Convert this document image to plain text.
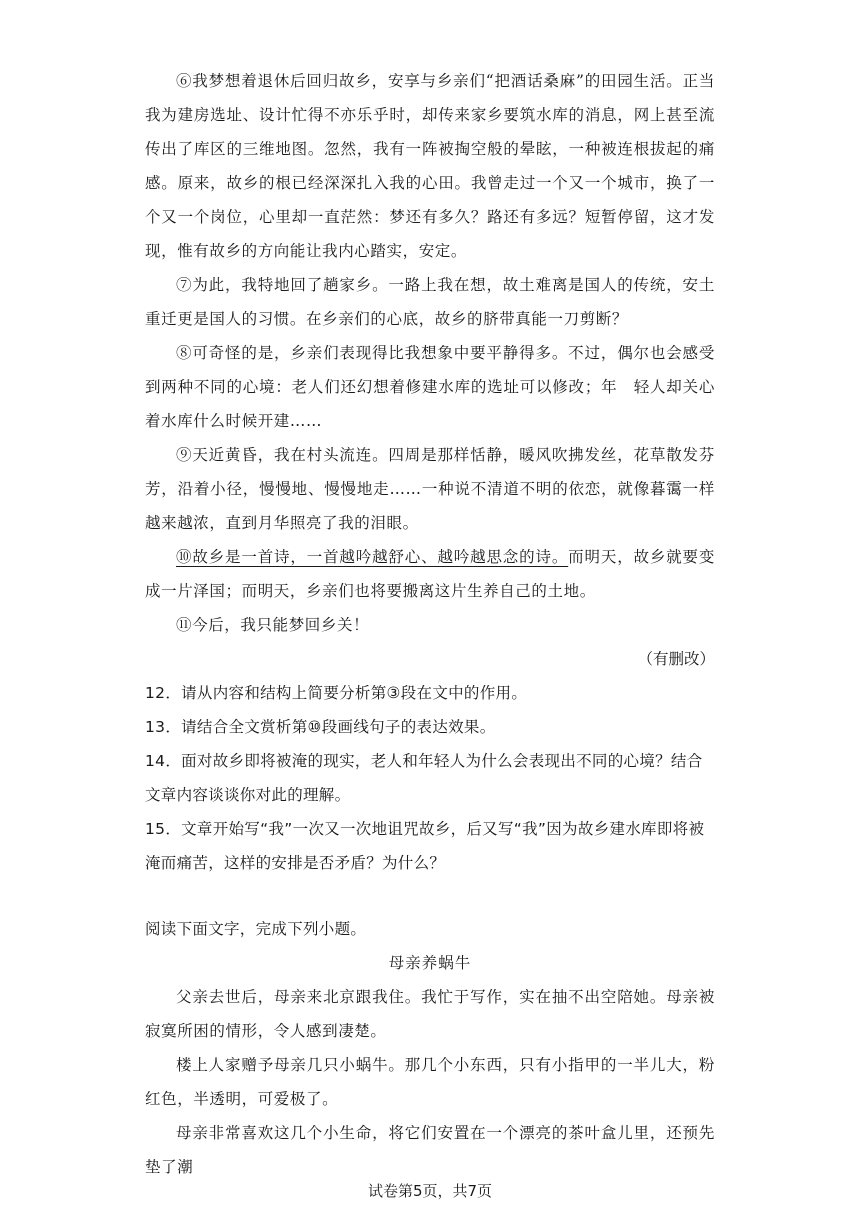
⑥我梦想着退休后回归故乡，安享与乡亲们“把酒话桑麻”的田园生活。正当我为建房选址、设计忙得不亦乐乎时，却传来家乡要筑水库的消息，网上甚至流传出了库区的三维地图。忽然，我有一阵被掏空般的晕眩，一种被连根拔起的痛感。原来，故乡的根已经深深扎入我的心田。我曾走过一个又一个城市，换了一个又一个岗位，心里却一直茫然：梦还有多久？路还有多远？短暂停留，这才发现，惟有故乡的方向能让我内心踏实，安定。
⑦为此，我特地回了趟家乡。一路上我在想，故土难离是国人的传统，安土重迁更是国人的习惯。在乡亲们的心底，故乡的脐带真能一刀剪断？
⑧可奇怪的是，乡亲们表现得比我想象中要平静得多。不过，偶尔也会感受到两种不同的心境：老人们还幻想着修建水库的选址可以修改；年　轻人却关心着水库什么时候开建……
⑨天近黄昏，我在村头流连。四周是那样恬静，暖风吹拂发丝，花草散发芬芳，沿着小径，慢慢地、慢慢地走……一种说不清道不明的依恋，就像暮霭一样越来越浓，直到月华照亮了我的泪眼。
⑩故乡是一首诗，一首越吟越舒心、越吟越思念的诗。而明天，故乡就要变成一片泽国；而明天，乡亲们也将要搬离这片生养自己的土地。
⑪今后，我只能梦回乡关！
（有删改）
12．请从内容和结构上简要分析第③段在文中的作用。
13．请结合全文赏析第⑩段画线句子的表达效果。
14．面对故乡即将被淹的现实，老人和年轻人为什么会表现出不同的心境？结合文章内容谈谈你对此的理解。
15．文章开始写“我”一次又一次地诅咒故乡，后又写“我”因为故乡建水库即将被淹而痛苦，这样的安排是否矛盾？为什么？
阅读下面文字，完成下列小题。
母亲养蜗牛
父亲去世后，母亲来北京跟我住。我忙于写作，实在抽不出空陪她。母亲被寂寞所困的情形，令人感到凄楚。
楼上人家赠予母亲几只小蜗牛。那几个小东西，只有小指甲的一半儿大，粉红色，半透明，可爱极了。
母亲非常喜欢这几个小生命，将它们安置在一个漂亮的茶叶盒儿里，还预先垫了潮
试卷第5页，共7页
